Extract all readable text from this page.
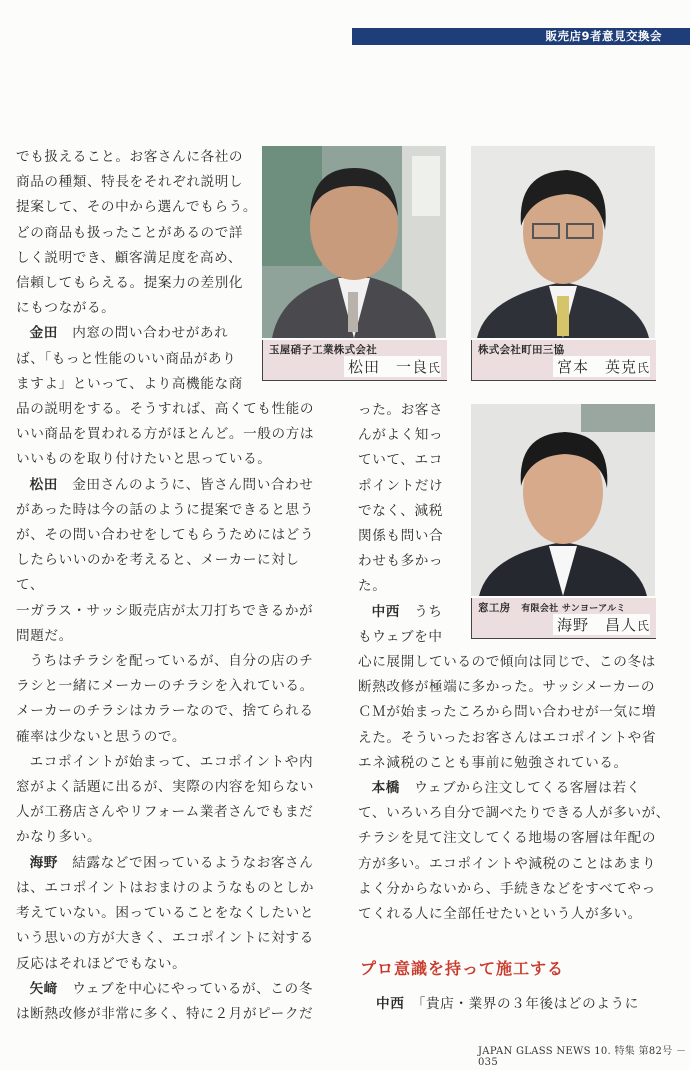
販売店9者意見交換会

でも扱えること。お客さんに各社の

商品の種類、特長をそれぞれ説明し

提案して、その中から選んでもらう。

どの商品も扱ったことがあるので詳

しく説明でき、顧客満足度を高め、

信頼してもらえる。提案力の差別化

にもつながる。

金田　 内窓の問い合わせがあれ

ば、「もっと性能のいい商品があり

ますよ」といって、より高機能な商

品の説明をする。そうすれば、高くても性能の

いい商品を買われる方がほとんど。一般の方は

いいものを取り付けたいと思っている。

松田　 金田さんのように、皆さん問い合わせ

があった時は今の話のように提案できると思う

が、その問い合わせをしてもらうためにはどう

したらいいのかを考えると、メーカーに対して、

一ガラス・サッシ販売店が太刀打ちできるかが

問題だ。

うちはチラシを配っているが、自分の店のチ

ラシと一緒にメーカーのチラシを入れている。

メーカーのチラシはカラーなので、捨てられる

確率は少ないと思うので。

エコポイントが始まって、エコポイントや内

窓がよく話題に出るが、実際の内容を知らない

人が工務店さんやリフォーム業者さんでもまだ

かなり多い。

海野　 結露などで困っているようなお客さん

は、エコポイントはおまけのようなものとしか

考えていない。困っていることをなくしたいと

いう思いの方が大きく、エコポイントに対する

反応はそれほどでもない。

矢﨑　 ウェブを中心にやっているが、この冬

は断熱改修が非常に多く、特に２月がピークだ

った。お客さ

んがよく知っ

ていて、エコ

ポイントだけ

でなく、減税

関係も問い合

わせも多かっ

た。

中西　 うち

もウェブを中

心に展開しているので傾向は同じで、この冬は

断熱改修が極端に多かった。サッシメーカーの

ＣＭが始まったころから問い合わせが一気に増

えた。そういったお客さんはエコポイントや省

エネ減税のことも事前に勉強されている。

本橋　 ウェブから注文してくる客層は若く

て、いろいろ自分で調べたりできる人が多いが、

チラシを見て注文してくる地場の客層は年配の

方が多い。エコポイントや減税のことはあまり

よく分からないから、手続きなどをすべてやっ

てくれる人に全部任せたいという人が多い。

玉屋硝子工業株式会社
松田　一良氏
株式会社町田三協
宮本　英克氏
窓工房　 有限会社 サンヨーアルミ
海野　昌人氏
プロ意識を持って施工する

中西　 「貴店・業界の３年後はどのように

JAPAN GLASS NEWS 10. 特集 第82号 － 035
